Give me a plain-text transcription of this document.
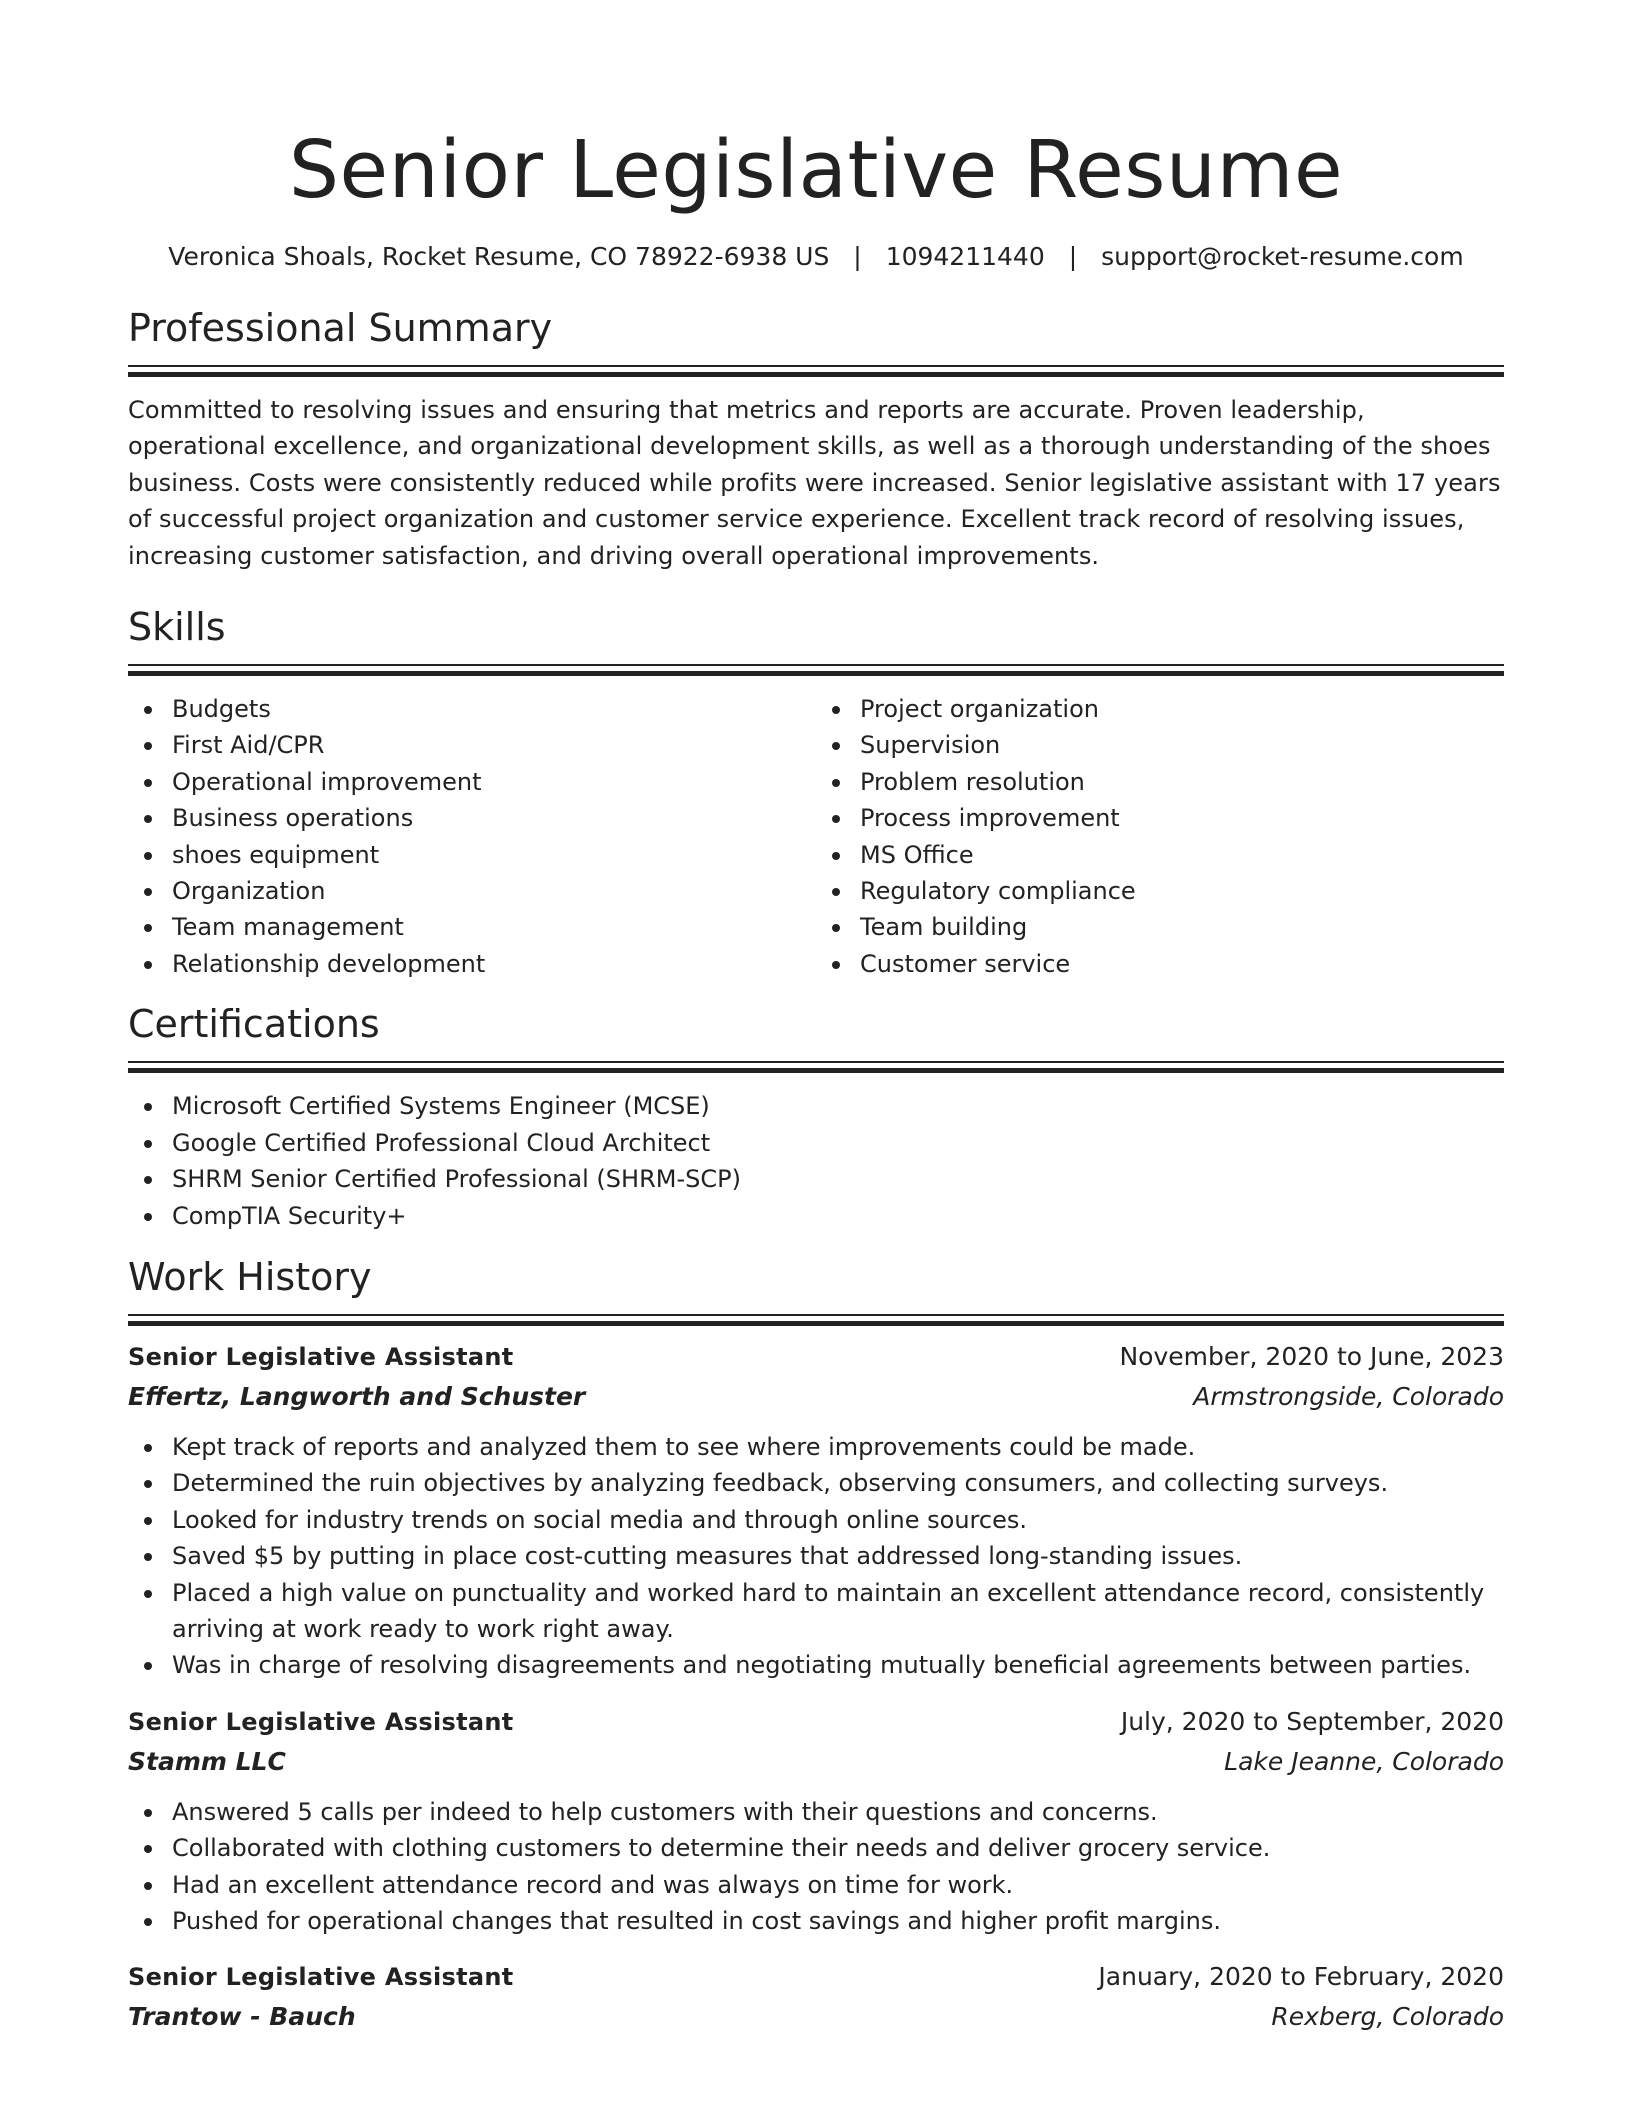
Senior Legislative Resume
Veronica Shoals, Rocket Resume, CO 78922-6938 US | 1094211440 | support@rocket-resume.com
Professional Summary

Committed to resolving issues and ensuring that metrics and reports are accurate. Proven leadership, operational excellence, and organizational development skills, as well as a thorough understanding of the shoes business. Costs were consistently reduced while profits were increased. Senior legislative assistant with 17 years of successful project organization and customer service experience. Excellent track record of resolving issues, increasing customer satisfaction, and driving overall operational improvements.

Skills
Budgets
First Aid/CPR
Operational improvement
Business operations
shoes equipment
Organization
Team management
Relationship development
Project organization
Supervision
Problem resolution
Process improvement
MS Office
Regulatory compliance
Team building
Customer service
Certifications
Microsoft Certified Systems Engineer (MCSE)
Google Certified Professional Cloud Architect
SHRM Senior Certified Professional (SHRM-SCP)
CompTIA Security+
Work History
Senior Legislative Assistant	November, 2020 to June, 2023
Effertz, Langworth and Schuster	Armstrongside, Colorado
Kept track of reports and analyzed them to see where improvements could be made.
Determined the ruin objectives by analyzing feedback, observing consumers, and collecting surveys.
Looked for industry trends on social media and through online sources.
Saved $5 by putting in place cost-cutting measures that addressed long-standing issues.
Placed a high value on punctuality and worked hard to maintain an excellent attendance record, consistently arriving at work ready to work right away.
Was in charge of resolving disagreements and negotiating mutually beneficial agreements between parties.
Senior Legislative Assistant	July, 2020 to September, 2020
Stamm LLC	Lake Jeanne, Colorado
Answered 5 calls per indeed to help customers with their questions and concerns.
Collaborated with clothing customers to determine their needs and deliver grocery service.
Had an excellent attendance record and was always on time for work.
Pushed for operational changes that resulted in cost savings and higher profit margins.
Senior Legislative Assistant	January, 2020 to February, 2020
Trantow - Bauch	Rexberg, Colorado
